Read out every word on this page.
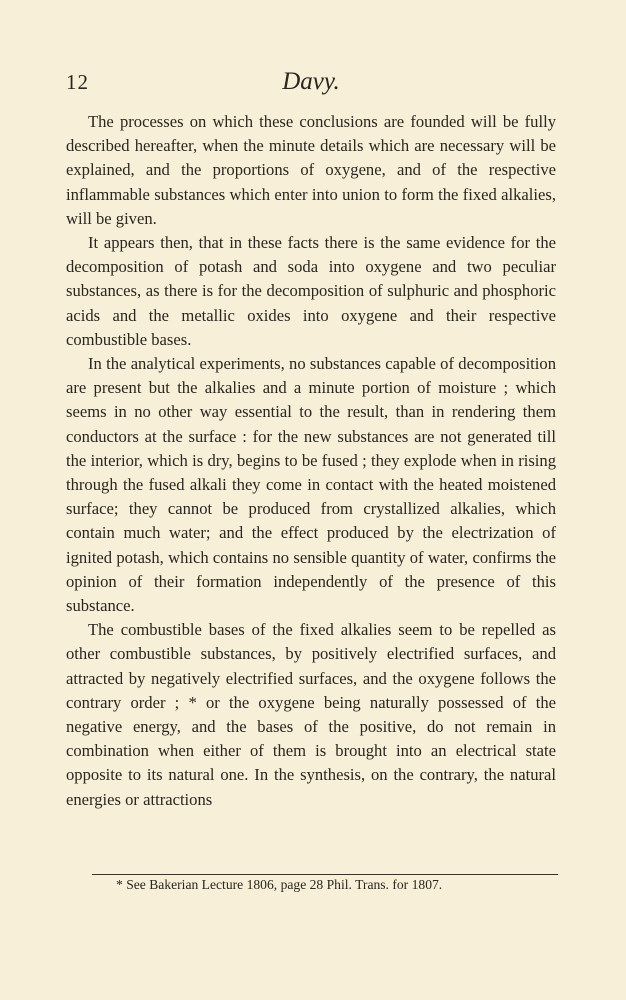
12	Davy.

The processes on which these conclusions are founded will be fully described hereafter, when the minute details which are necessary will be explained, and the proportions of oxygene, and of the respective inflammable substances which enter into union to form the fixed alkalies, will be given.

It appears then, that in these facts there is the same evidence for the decomposition of potash and soda into oxygene and two peculiar substances, as there is for the decomposition of sulphuric and phosphoric acids and the metallic oxides into oxygene and their respective combustible bases.

In the analytical experiments, no substances capable of decomposition are present but the alkalies and a minute portion of moisture ; which seems in no other way essential to the result, than in rendering them conductors at the surface : for the new substances are not generated till the interior, which is dry, begins to be fused ; they explode when in rising through the fused alkali they come in contact with the heated moistened surface; they cannot be produced from crystallized alkalies, which contain much water; and the effect produced by the electrization of ignited potash, which contains no sensible quantity of water, confirms the opinion of their formation independently of the presence of this substance.

The combustible bases of the fixed alkalies seem to be repelled as other combustible substances, by positively electrified surfaces, and attracted by negatively electrified surfaces, and the oxygene follows the contrary order ; * or the oxygene being naturally possessed of the negative energy, and the bases of the positive, do not remain in combination when either of them is brought into an electrical state opposite to its natural one. In the synthesis, on the contrary, the natural energies or attractions

* See Bakerian Lecture 1806, page 28 Phil. Trans. for 1807.
